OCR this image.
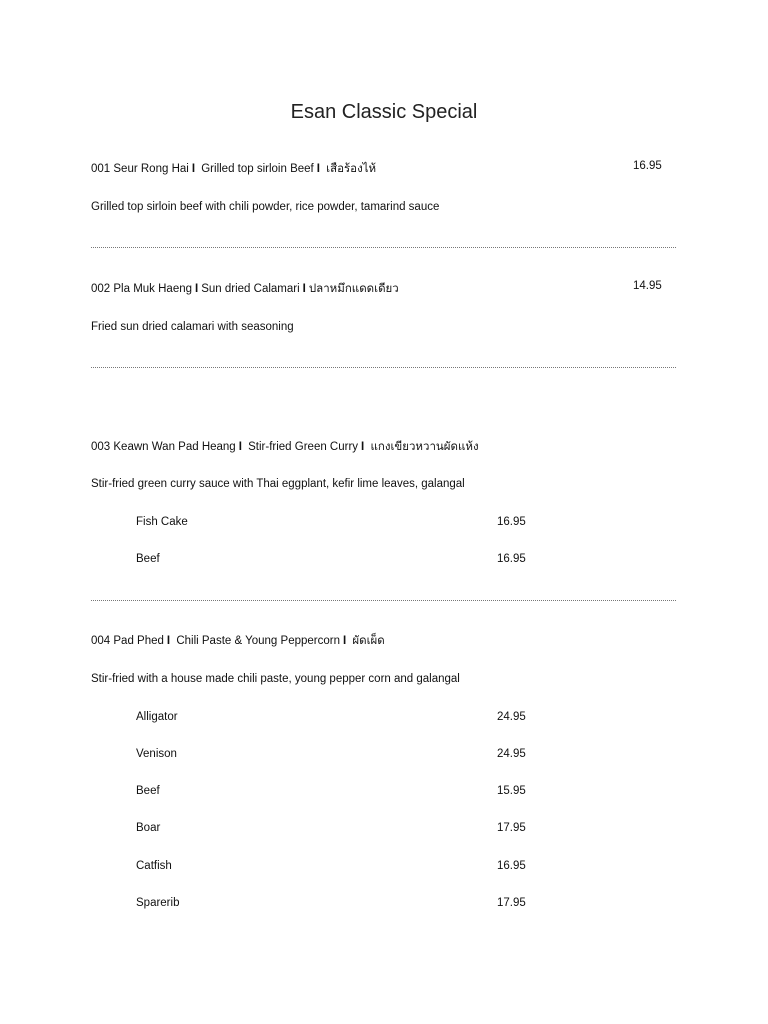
Esan Classic Special
001 Seur Rong Hai I Grilled top sirloin Beef I เสือร้องไห้	16.95
Grilled top sirloin beef with chili powder, rice powder, tamarind sauce
002 Pla Muk Haeng I Sun dried Calamari I ปลาหมึกแดดเดียว	14.95
Fried sun dried calamari with seasoning
003 Keawn Wan Pad Heang I Stir-fried Green Curry I แกงเขียวหวานผัดแห้ง
Stir-fried green curry sauce with Thai eggplant, kefir lime leaves, galangal
Fish Cake	16.95
Beef	16.95
004 Pad Phed I Chili Paste & Young Peppercorn I ผัดเผ็ด
Stir-fried with a house made chili paste, young pepper corn and galangal
Alligator	24.95
Venison	24.95
Beef	15.95
Boar	17.95
Catfish	16.95
Sparerib	17.95
